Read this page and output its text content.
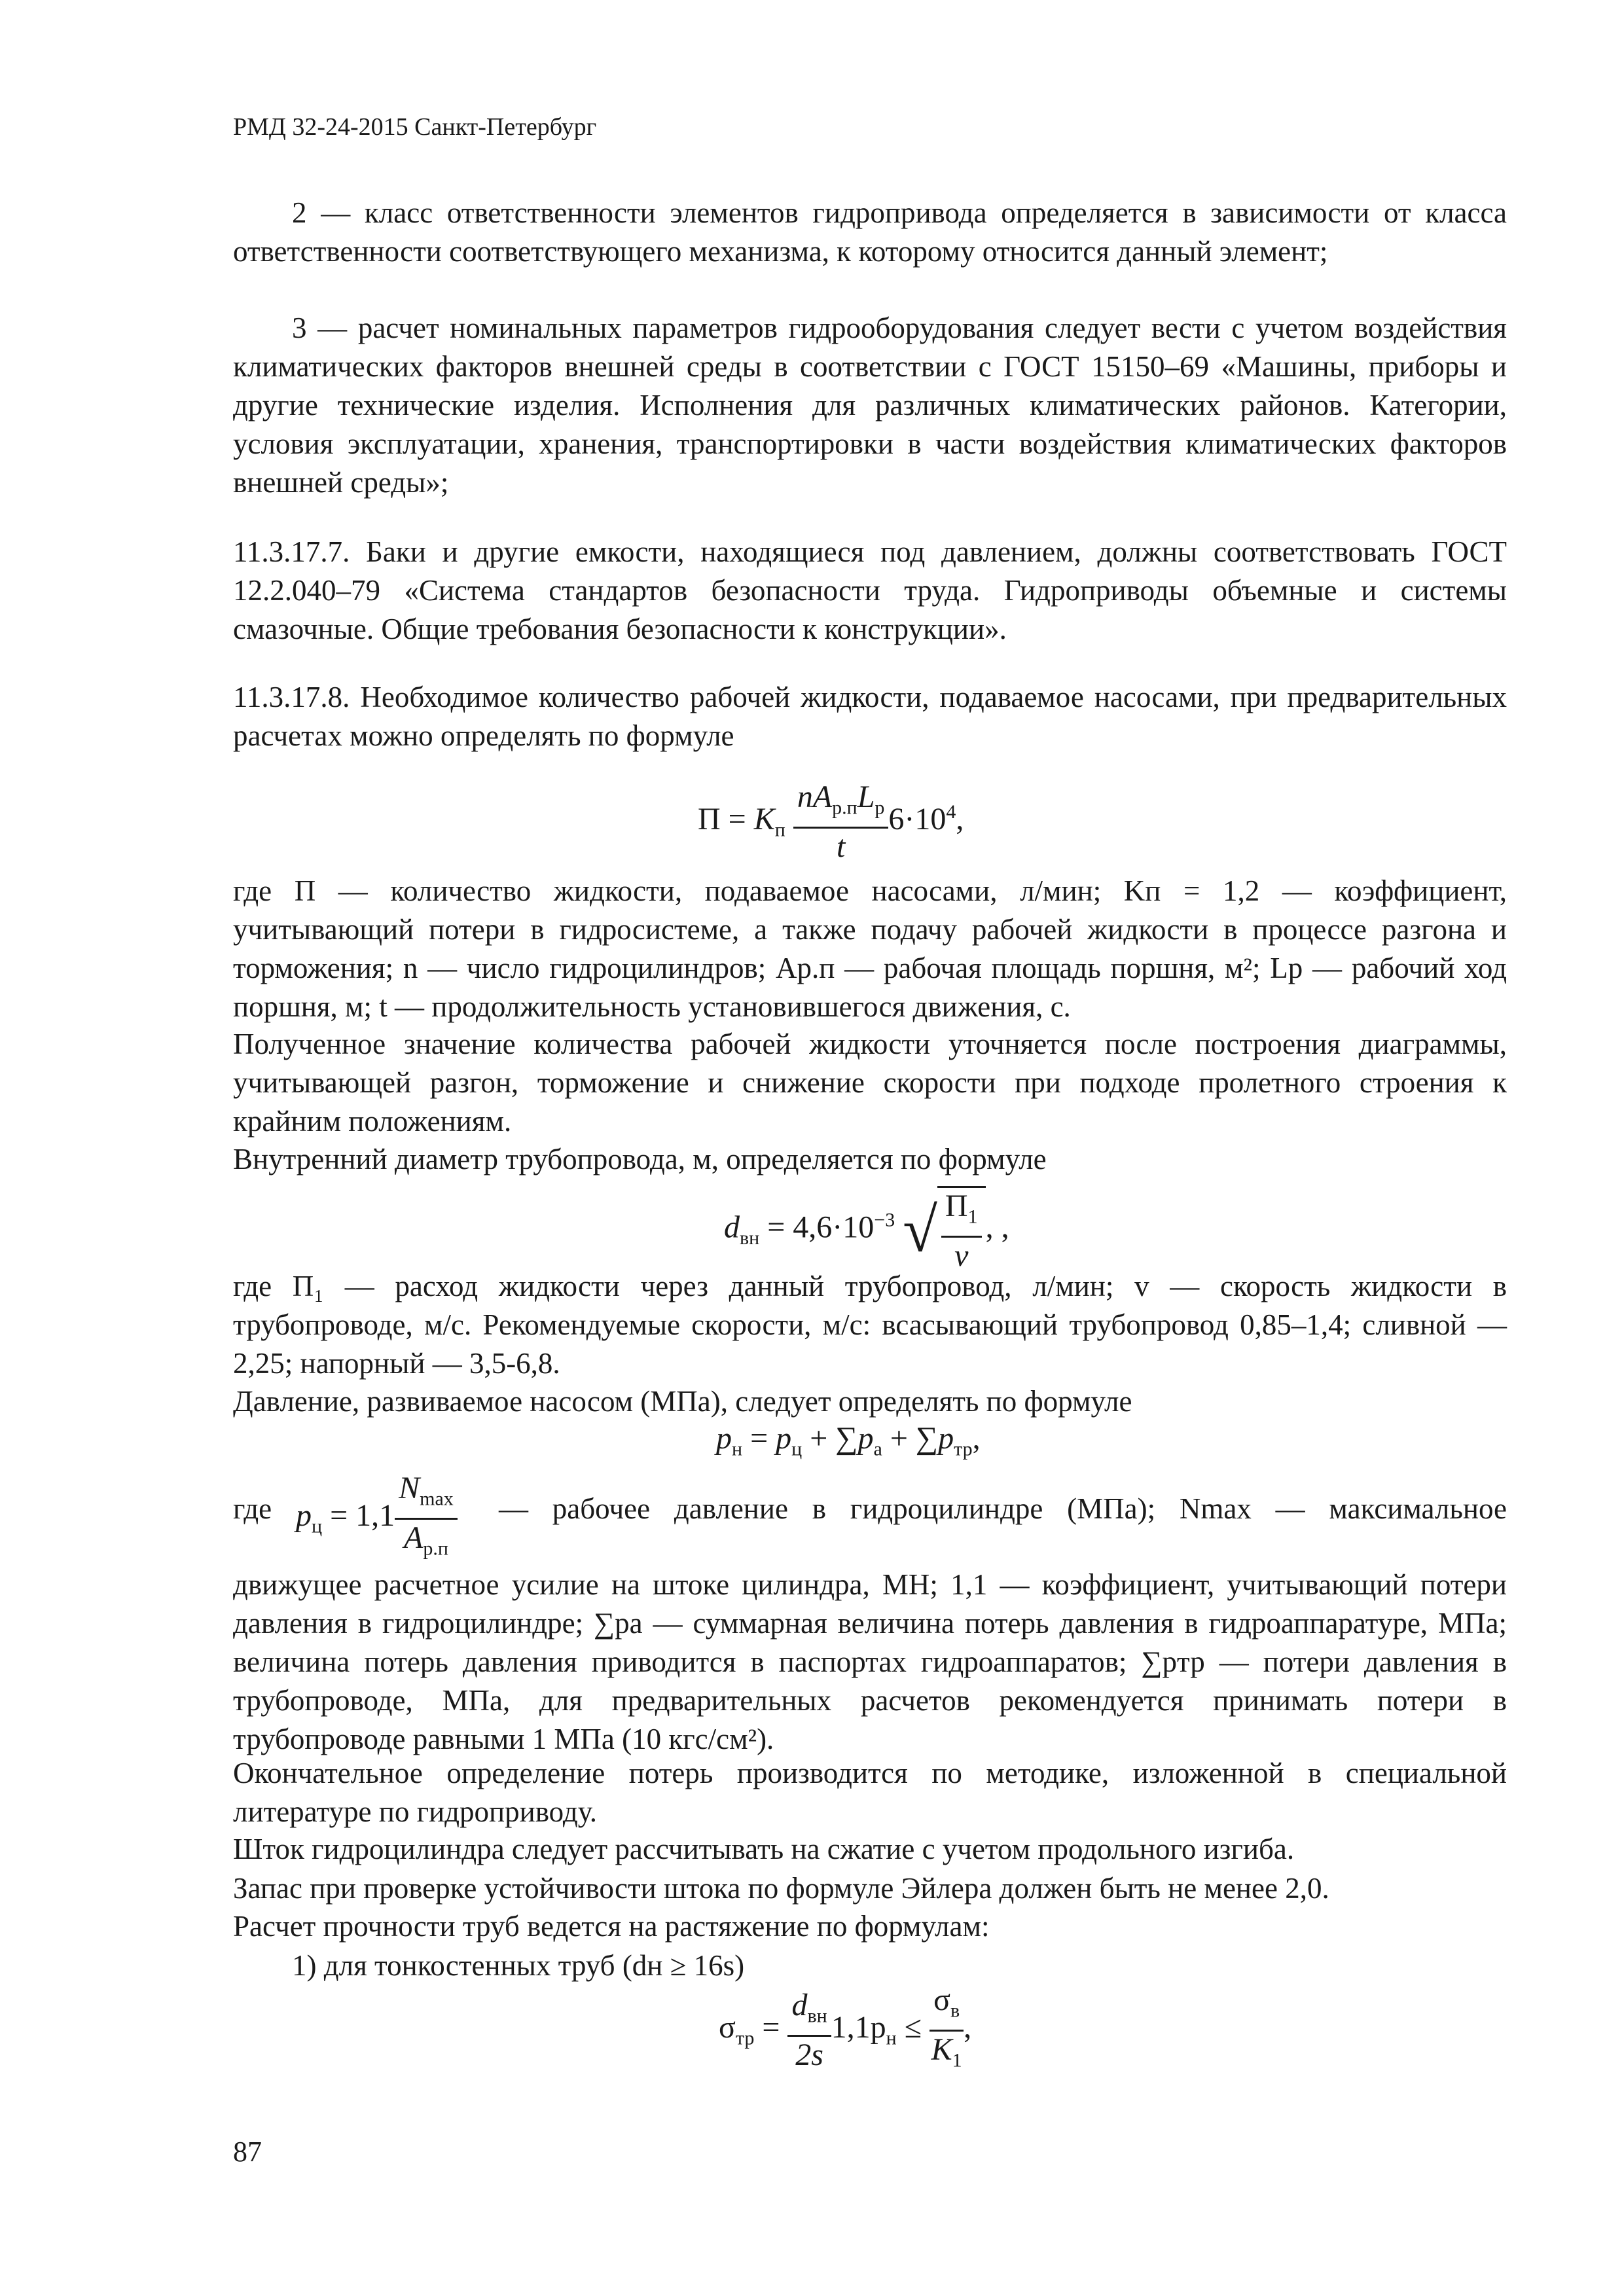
РМД 32-24-2015 Санкт-Петербург
2 — класс ответственности элементов гидропривода определяется в зависимости от класса ответственности соответствующего механизма, к которому относится данный элемент;
3 — расчет номинальных параметров гидрооборудования следует вести с учетом воздействия климатических факторов внешней среды в соответствии с ГОСТ 15150–69 «Машины, приборы и другие технические изделия. Исполнения для различных климатических районов. Категории, условия эксплуатации, хранения, транспортировки в части воздействия климатических факторов внешней среды»;
11.3.17.7. Баки и другие емкости, находящиеся под давлением, должны соответствовать ГОСТ 12.2.040–79 «Система стандартов безопасности труда. Гидроприводы объемные и системы смазочные. Общие требования безопасности к конструкции».
11.3.17.8. Необходимое количество рабочей жидкости, подаваемое насосами, при предварительных расчетах можно определять по формуле
$П = K_п \frac{nA_{р.п}L_р}{t} 6\cdot 10^4$,
где П — количество жидкости, подаваемое насосами, л/мин; Kп = 1,2 — коэффициент, учитывающий потери в гидросистеме, а также подачу рабочей жидкости в процессе разгона и торможения; n — число гидроцилиндров; Aр.п — рабочая площадь поршня, м²; Lр — рабочий ход поршня, м; t — продолжительность установившегося движения, с.
Полученное значение количества рабочей жидкости уточняется после построения диаграммы, учитывающей разгон, торможение и снижение скорости при подходе пролетного строения к крайним положениям.
Внутренний диаметр трубопровода, м, определяется по формуле
$d_{вн} = 4,6\cdot 10^{-3}$ √ $\frac{П_1}{v}$ , ,
где П₁ — расход жидкости через данный трубопровод, л/мин; v — скорость жидкости в трубопроводе, м/с. Рекомендуемые скорости, м/с: всасывающий трубопровод 0,85–1,4; сливной — 2,25; напорный — 3,5-6,8.
Давление, развиваемое насосом (МПа), следует определять по формуле
$p_н = p_ц + \sum p_а + \sum p_{тр}$,
где $p_ц = 1,1 \frac{N_{max}}{A_{р.п}}$ — рабочее давление в гидроцилиндре (МПа); Nmax — максимальное
движущее расчетное усилие на штоке цилиндра, МН; 1,1 — коэффициент, учитывающий потери давления в гидроцилиндре; ∑pa — суммарная величина потерь давления в гидроаппаратуре, МПа; величина потерь давления приводится в паспортах гидроаппаратов; ∑pтр — потери давления в трубопроводе, МПа, для предварительных расчетов рекомендуется принимать потери в трубопроводе равными 1 МПа (10 кгс/см²).
Окончательное определение потерь производится по методике, изложенной в специальной литературе по гидроприводу.
Шток гидроцилиндра следует рассчитывать на сжатие с учетом продольного изгиба.
Запас при проверке устойчивости штока по формуле Эйлера должен быть не менее 2,0.
Расчет прочности труб ведется на растяжение по формулам:
1) для тонкостенных труб (dн ≥ 16s)
$\sigma_{тр} = \frac{d_{вн}}{2s} 1,1p_н \le \frac{\sigma_в}{K_1}$ ,
87
